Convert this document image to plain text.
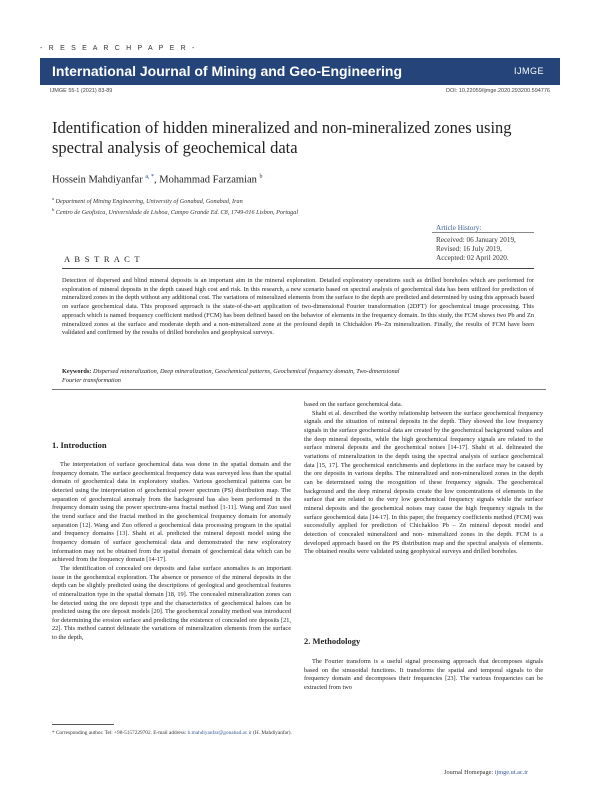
- R E S E A R C H P A P E R -
International Journal of Mining and Geo-Engineering	IJMGE
IJMGE 55-1 (2021) 83-89	DOI: 10.22059/ijmge.2020.293200.594776
Identification of hidden mineralized and non-mineralized zones using
spectral analysis of geochemical data
Hossein Mahdiyanfar $^{a, *}$, Mohammad Farzamian $^b$
$^a$ Department of Mining Engineering, University of Gonabad, Gonabad, Iran
$^b$ Centro de Geofisica, Universidade de Lisboa, Campo Grande Ed. C8, 1749-016 Lisbon, Portugal
Article History:
Received: 06 January 2019,
Revised: 16 July 2019,
Accepted: 02 April 2020.
A B S T R A C T
Detection of dispersed and blind mineral deposits is an important aim in the mineral exploration. Detailed exploratory operations such as drilled boreholes which are performed for exploration of mineral deposits in the depth caused high cost and risk. In this research, a new scenario based on spectral analysis of geochemical data has been utilized for prediction of mineralized zones in the depth without any additional cost. The variations of mineralized elements from the surface to the depth are predicted and determined by using this approach based on surface geochemical data. This proposed approach is the state-of-the-art application of two-dimensional Fourier transformation (2DFT) for geochemical image processing. This approach which is named frequency coefficient method (FCM) has been defined based on the behavior of elements in the frequency domain. In this study, the FCM shows two Pb and Zn mineralized zones at the surface and moderate depth and a non-mineralized zone at the profound depth in Chichakloo Pb–Zn mineralization. Finally, the results of FCM have been validated and confirmed by the results of drilled boreholes and geophysical surveys.
Keywords: Dispersed mineralization, Deep mineralization, Geochemical patterns, Geochemical frequency domain, Two-dimensional
Fourier transformation
1. Introduction

The interpretation of surface geochemical data was done in the spatial domain and the frequency domain. The surface geochemical frequency data was surveyed less than the spatial domain of geochemical data in exploratory studies. Various geochemical patterns can be detected using the interpretation of geochemical power spectrum (PS) distribution map. The separation of geochemical anomaly from the background has also been performed in the frequency domain using the power spectrum-area fractal method [1-11]. Wang and Zuo used the trend surface and the fractal method in the geochemical frequency domain for anomaly separation [12]. Wang and Zuo offered a geochemical data processing program in the spatial and frequency domains [13]. Shahi et al. predicted the mineral deposit model using the frequency domain of surface geochemical data and demonstrated the new exploratory information may not be obtained from the spatial domain of geochemical data which can be achieved from the frequency domain [14-17].

The identification of concealed ore deposits and false surface anomalies is an important issue in the geochemical exploration. The absence or presence of the mineral deposits in the depth can be slightly predicted using the descriptions of geological and geochemical features of mineralization type in the spatial domain [18, 19]. The concealed mineralization zones can be detected using the ore deposit type and the characteristics of geochemical haloes can be predicted using the ore deposit models [20]. The geochemical zonality method was introduced for determining the erosion surface and predicting the existence of concealed ore deposits [21, 22]. This method cannot delineate the variations of mineralization elements from the surface to the depth,

based on the surface geochemical data.

Shahi et al. described the worthy relationship between the surface geochemical frequency signals and the situation of mineral deposits in the depth. They showed the low frequency signals in the surface geochemical data are created by the geochemical background values and the deep mineral deposits, while the high geochemical frequency signals are related to the surface mineral deposits and the geochemical noises [14-17]. Shahi et al. delineated the variations of mineralization in the depth using the spectral analysis of surface geochemical data [15, 17]. The geochemical enrichments and depletions in the surface may be caused by the ore deposits in various depths. The mineralized and non-mineralized zones in the depth can be determined using the recognition of these frequency signals. The geochemical background and the deep mineral deposits create the low concentrations of elements in the surface that are related to the very low geochemical frequency signals while the surface mineral deposits and the geochemical noises may cause the high frequency signals in the surface geochemical data [14-17]. In this paper, the frequency coefficients method (FCM) was successfully applied for prediction of Chichakloo Pb – Zn mineral deposit model and detection of concealed mineralized and non- mineralized zones in the depth. FCM is a developed approach based on the PS distribution map and the spectral analysis of elements. The obtained results were validated using geophysical surveys and drilled boreholes.

2. Methodology

The Fourier transform is a useful signal processing approach that decomposes signals based on the sinusoidal functions. It transforms the spatial and temporal signals to the frequency domain and decomposes their frequencies [23]. The various frequencies can be extracted from two

* Corresponding author. Tel: +98-5157229702. E-mail address: h.mahdiyanfar@gonabad.ac.ir (H. Mahdiyanfar).
Journal Homepage: ijmge.ut.ac.ir
